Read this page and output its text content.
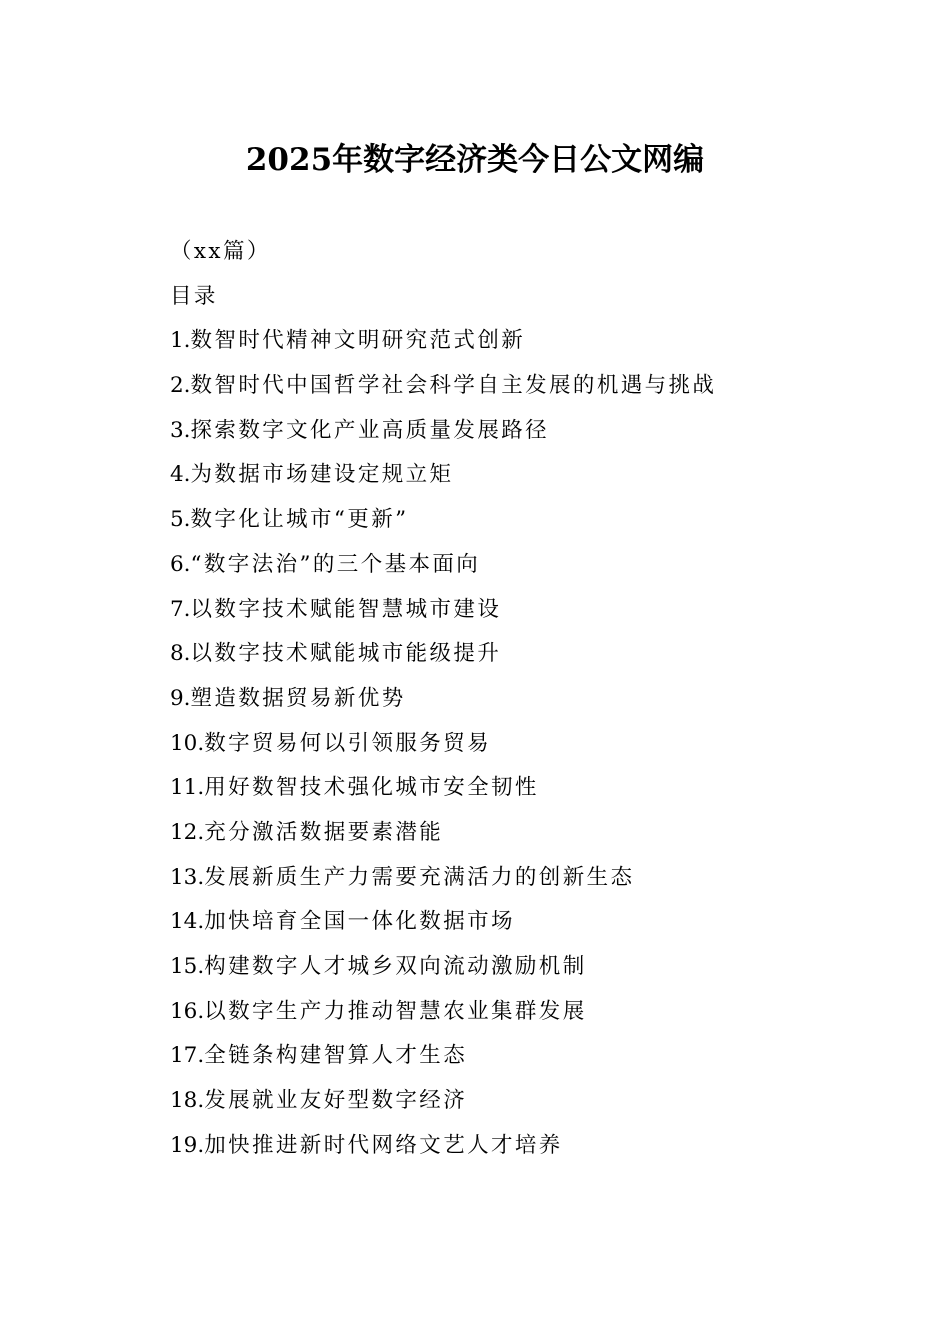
2025年数字经济类今日公文网编
（xx篇）
目录
1.数智时代精神文明研究范式创新
2.数智时代中国哲学社会科学自主发展的机遇与挑战
3.探索数字文化产业高质量发展路径
4.为数据市场建设定规立矩
5.数字化让城市“更新”
6.“数字法治”的三个基本面向
7.以数字技术赋能智慧城市建设
8.以数字技术赋能城市能级提升
9.塑造数据贸易新优势
10.数字贸易何以引领服务贸易
11.用好数智技术强化城市安全韧性
12.充分激活数据要素潜能
13.发展新质生产力需要充满活力的创新生态
14.加快培育全国一体化数据市场
15.构建数字人才城乡双向流动激励机制
16.以数字生产力推动智慧农业集群发展
17.全链条构建智算人才生态
18.发展就业友好型数字经济
19.加快推进新时代网络文艺人才培养
